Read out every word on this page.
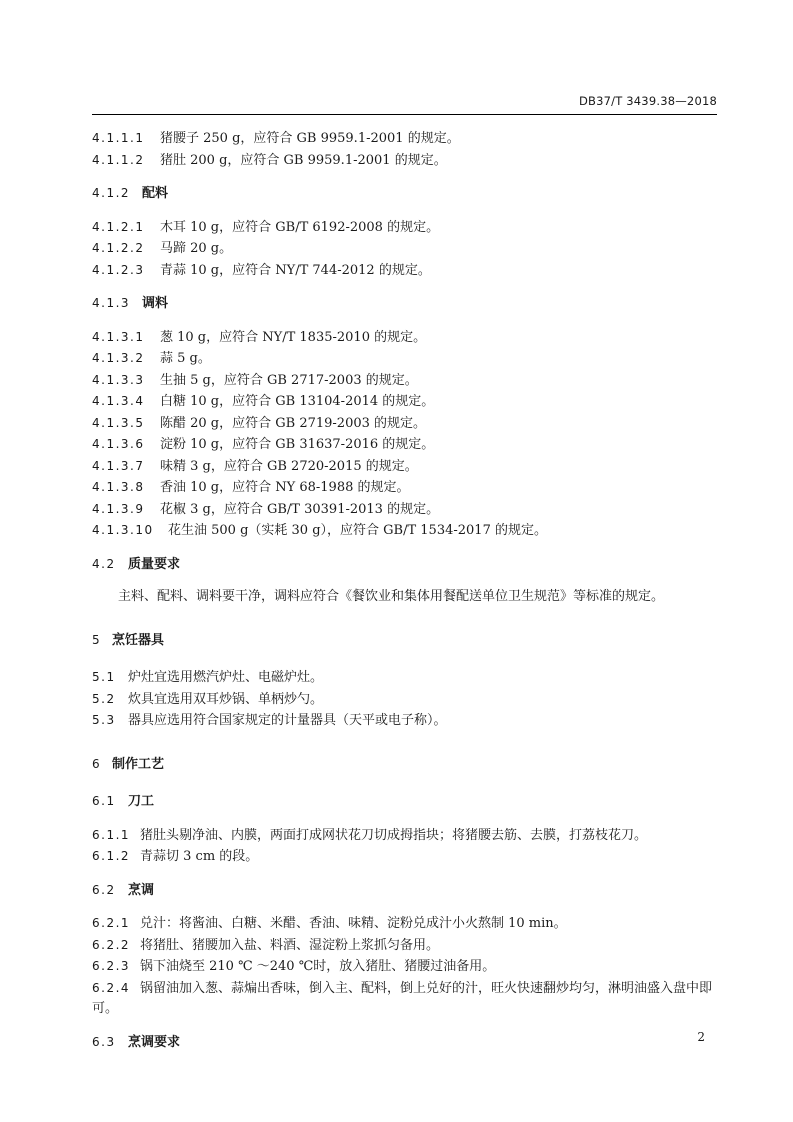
DB37/T 3439.38—2018
4.1.1.1 猪腰子 250 g，应符合 GB 9959.1-2001 的规定。
4.1.1.2 猪肚 200 g，应符合 GB 9959.1-2001 的规定。
4.1.2 配料
4.1.2.1 木耳 10 g，应符合 GB/T 6192-2008 的规定。
4.1.2.2 马蹄 20 g。
4.1.2.3 青蒜 10 g，应符合 NY/T 744-2012 的规定。
4.1.3 调料
4.1.3.1 葱 10 g，应符合 NY/T 1835-2010 的规定。
4.1.3.2 蒜 5 g。
4.1.3.3 生抽 5 g，应符合 GB 2717-2003 的规定。
4.1.3.4 白糖 10 g，应符合 GB 13104-2014 的规定。
4.1.3.5 陈醋 20 g，应符合 GB 2719-2003 的规定。
4.1.3.6 淀粉 10 g，应符合 GB 31637-2016 的规定。
4.1.3.7 味精 3 g，应符合 GB 2720-2015 的规定。
4.1.3.8 香油 10 g，应符合 NY 68-1988 的规定。
4.1.3.9 花椒 3 g，应符合 GB/T 30391-2013 的规定。
4.1.3.10 花生油 500 g（实耗 30 g），应符合 GB/T 1534-2017 的规定。
4.2 质量要求
主料、配料、调料要干净，调料应符合《餐饮业和集体用餐配送单位卫生规范》等标准的规定。
5 烹饪器具
5.1 炉灶宜选用燃汽炉灶、电磁炉灶。
5.2 炊具宜选用双耳炒锅、单柄炒勺。
5.3 器具应选用符合国家规定的计量器具（天平或电子称）。
6 制作工艺
6.1 刀工
6.1.1 猪肚头剔净油、内膜，两面打成网状花刀切成拇指块；将猪腰去筋、去膜，打荔枝花刀。
6.1.2 青蒜切 3 cm 的段。
6.2 烹调
6.2.1 兑汁：将酱油、白糖、米醋、香油、味精、淀粉兑成汁小火熬制 10 min。
6.2.2 将猪肚、猪腰加入盐、料酒、湿淀粉上浆抓匀备用。
6.2.3 锅下油烧至 210 ℃ ～240 ℃时，放入猪肚、猪腰过油备用。
6.2.4 锅留油加入葱、蒜煸出香味，倒入主、配料，倒上兑好的汁，旺火快速翻炒均匀，淋明油盛入盘中即可。
6.3 烹调要求	2
